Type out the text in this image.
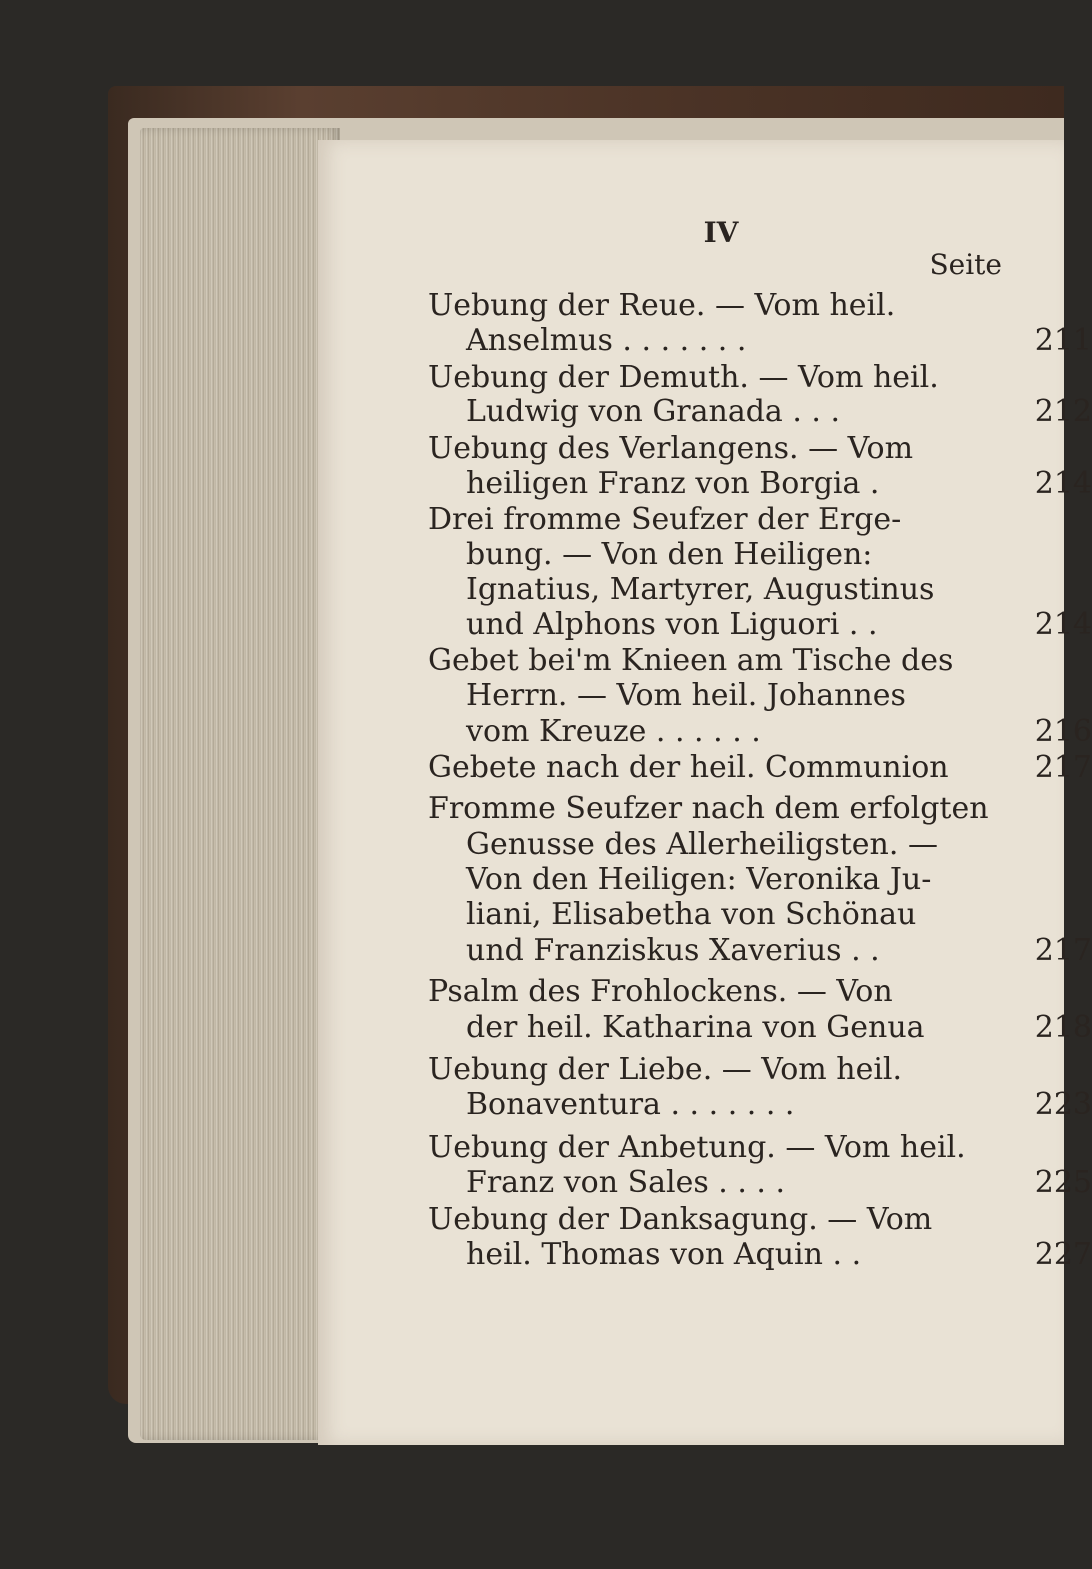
IV
Seite
Uebung der Reue. — Vom heil.
Anselmus . . . . . . .	211
Uebung der Demuth. — Vom heil.
Ludwig von Granada . . .	212
Uebung des Verlangens. — Vom
heiligen Franz von Borgia .	214
Drei fromme Seufzer der Erge-
bung. — Von den Heiligen:
Ignatius, Martyrer, Augustinus
und Alphons von Liguori . .	214
Gebet bei'm Knieen am Tische des
Herrn. — Vom heil. Johannes
vom Kreuze . . . . . .	216
Gebete nach der heil. Communion	217
Fromme Seufzer nach dem erfolgten
Genusse des Allerheiligsten. —
Von den Heiligen: Veronika Ju-
liani, Elisabetha von Schönau
und Franziskus Xaverius . .	217
Psalm des Frohlockens. — Von
der heil. Katharina von Genua	218
Uebung der Liebe. — Vom heil.
Bonaventura . . . . . . .	223
Uebung der Anbetung. — Vom heil.
Franz von Sales . . . .	225
Uebung der Danksagung. — Vom
heil. Thomas von Aquin . .	227
